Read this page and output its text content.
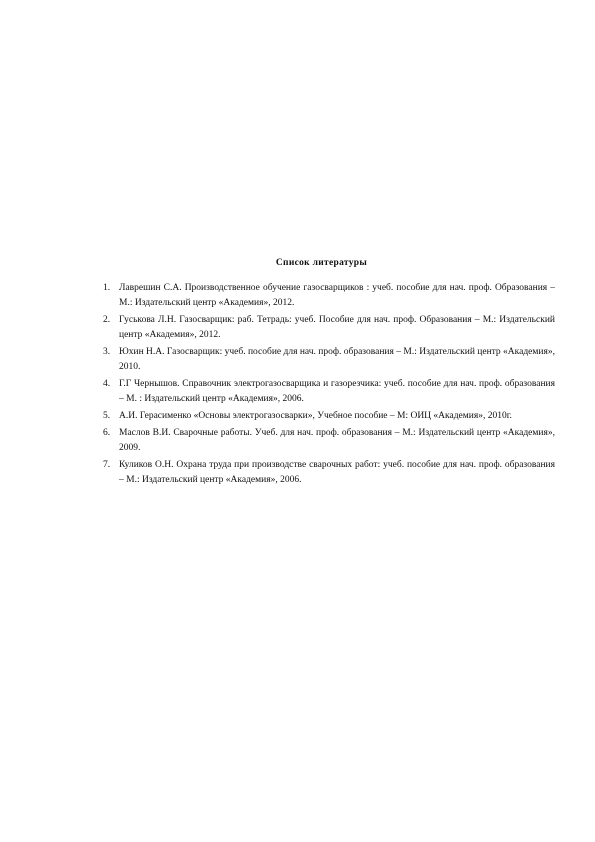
Список литературы
1. Лаврешин С.А. Производственное обучение газосварщиков : учеб. пособие для нач. проф. Образования – М.: Издательский центр «Академия», 2012.
2. Гуськова Л.Н. Газосварщик: раб. Тетрадь: учеб. Пособие для нач. проф. Образования – М.: Издательский центр «Академия», 2012.
3. Юхин Н.А. Газосварщик: учеб. пособие для нач. проф. образования – М.: Издательский центр «Академия», 2010.
4. Г.Г Чернышов. Справочник электрогазосварщика и газорезчика: учеб. пособие для нач. проф. образования – М. : Издательский центр «Академия», 2006.
5. А.И. Герасименко «Основы электрогазосварки», Учебное пособие – М: ОИЦ «Академия», 2010г.
6. Маслов В.И. Сварочные работы. Учеб. для нач. проф. образования – М.: Издательский центр «Академия», 2009.
7. Куликов О.Н. Охрана труда при производстве сварочных работ: учеб. пособие для нач. проф. образования – М.: Издательский центр «Академия», 2006.
